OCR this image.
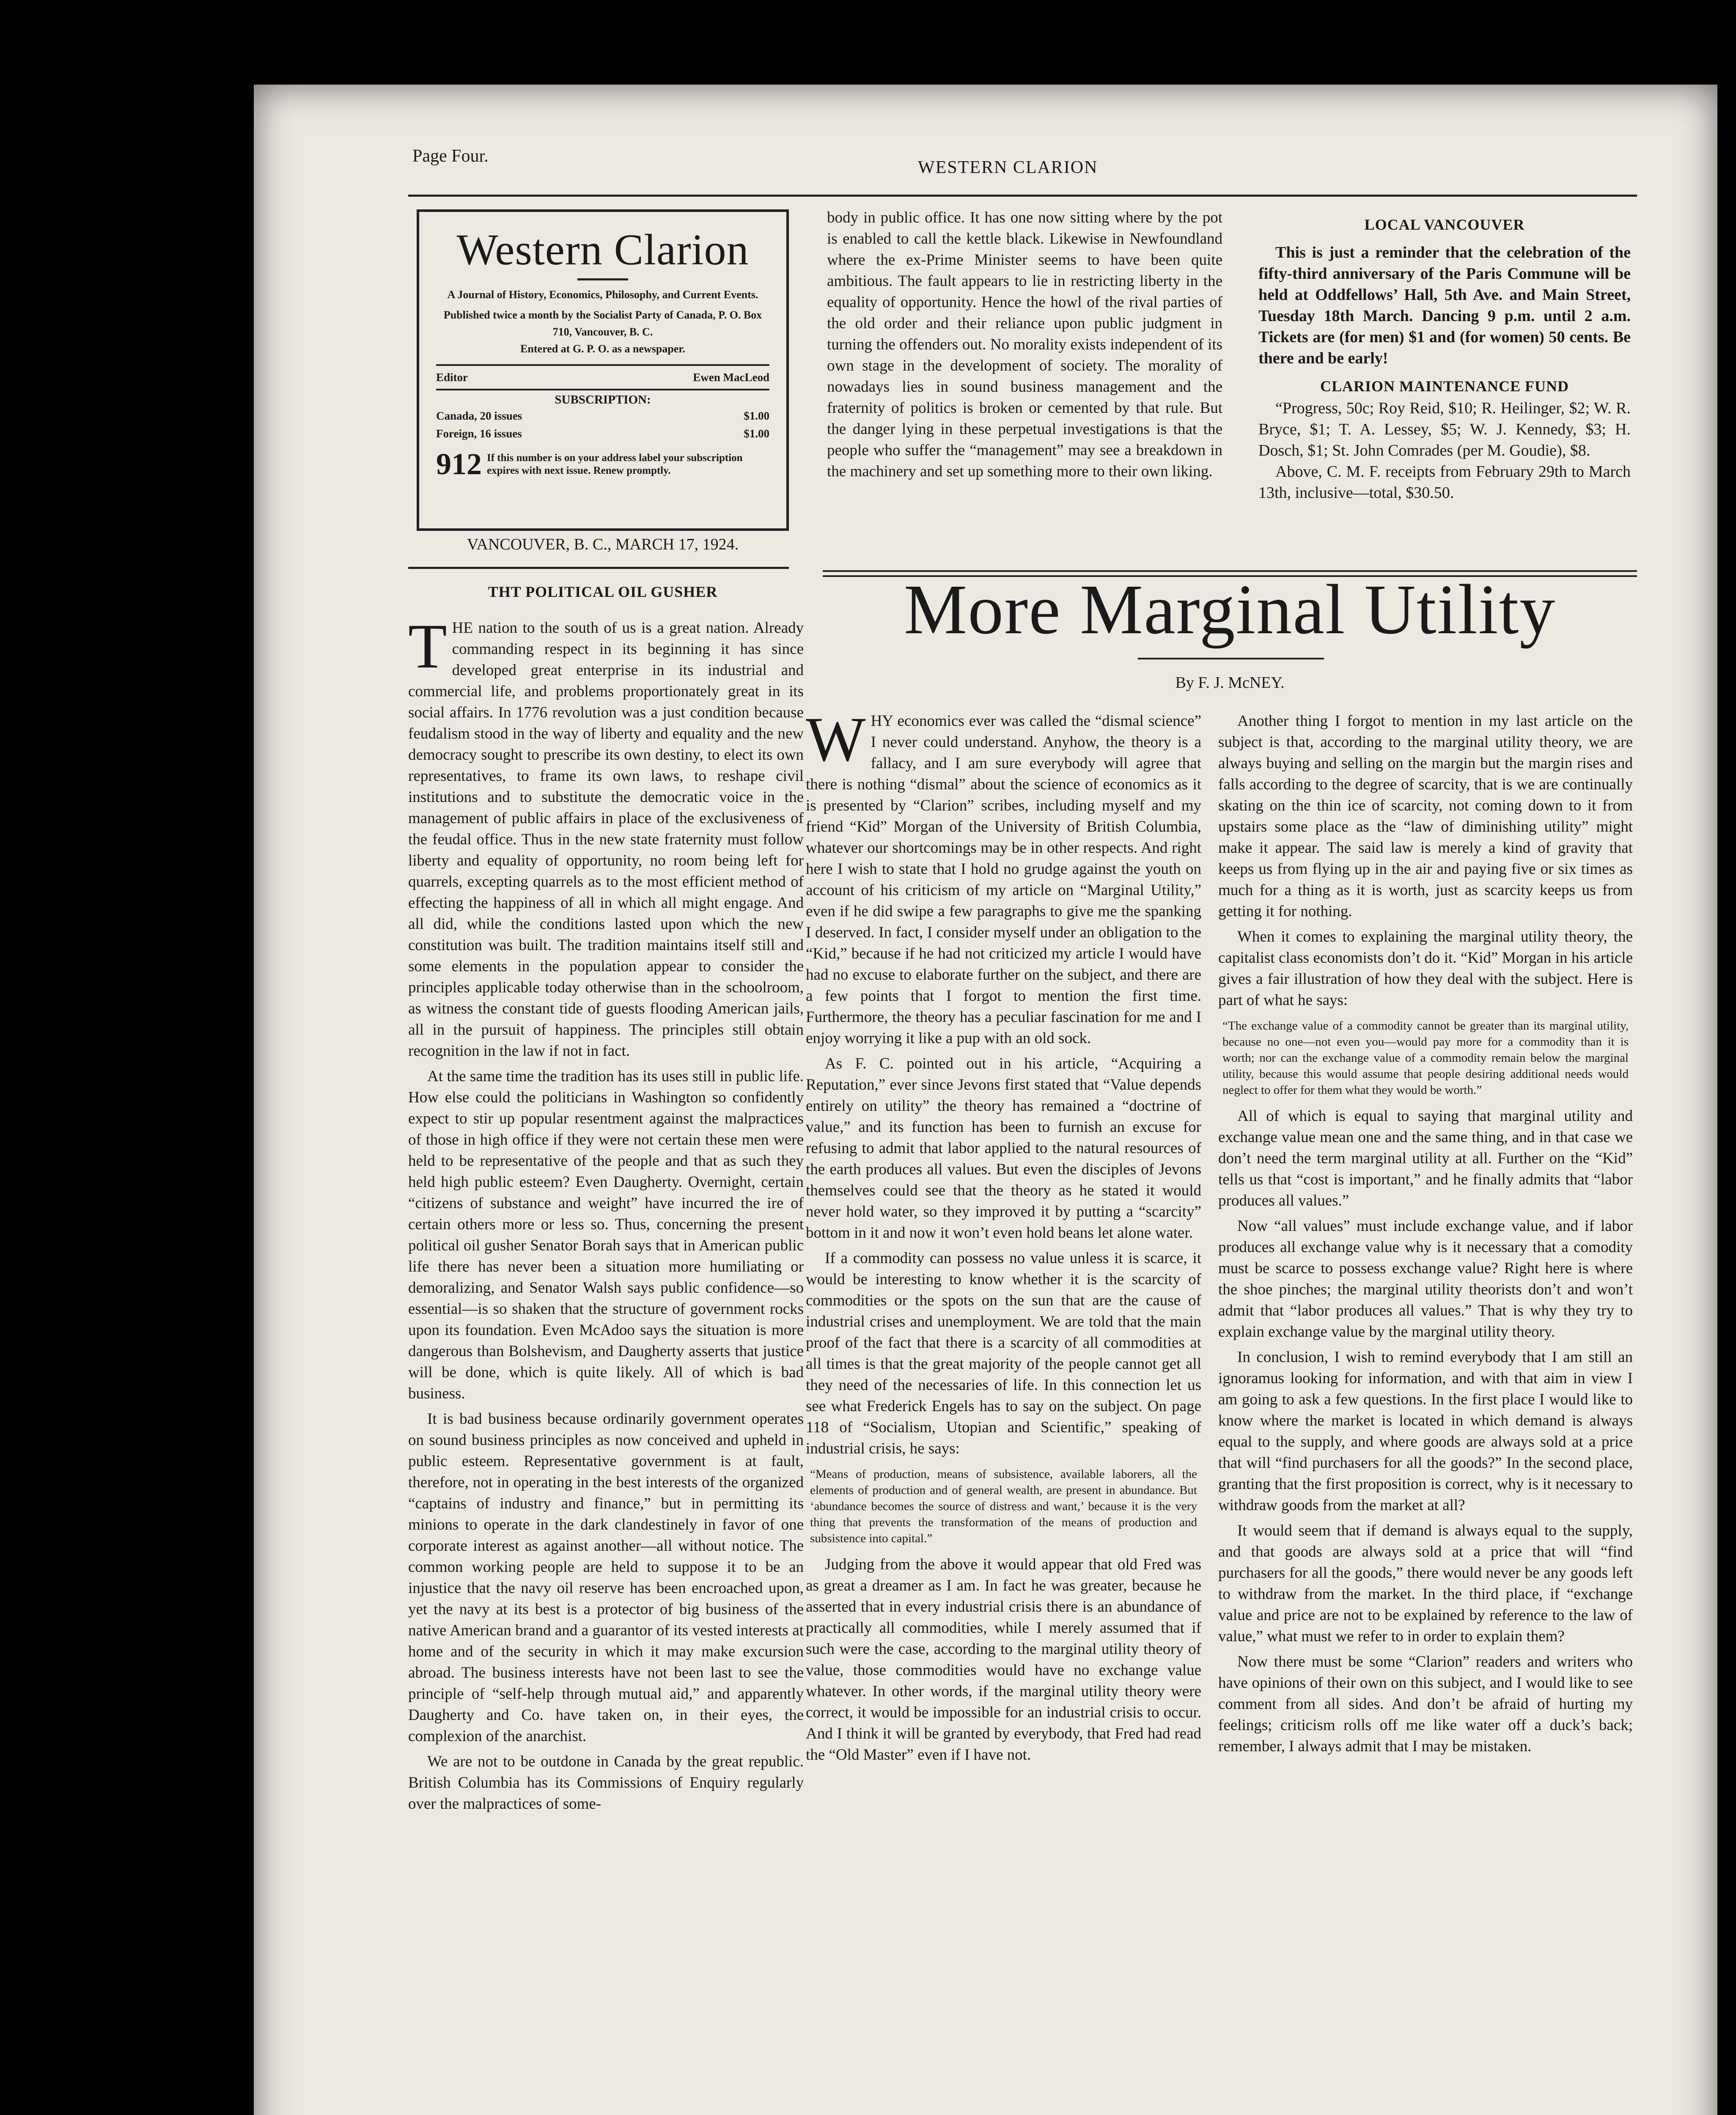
Page Four.
WESTERN CLARION
Western Clarion
A Journal of History, Economics, Philosophy, and Current Events.
Published twice a month by the Socialist Party of Canada, P. O. Box 710, Vancouver, B. C.
Entered at G. P. O. as a newspaper.
Editor	Ewen MacLeod
SUBSCRIPTION:
Canada, 20 issues	$1.00
Foreign, 16 issues	$1.00
912 If this number is on your address label your subscription expires with next issue. Renew promptly.
VANCOUVER, B. C., MARCH 17, 1924.

body in public office. It has one now sitting where by the pot is enabled to call the kettle black. Likewise in Newfoundland where the ex-Prime Minister seems to have been quite ambitious. The fault appears to lie in restricting liberty in the equality of opportunity. Hence the howl of the rival parties of the old order and their reliance upon public judgment in turning the offenders out. No morality exists independent of its own stage in the development of society. The morality of nowadays lies in sound business management and the fraternity of politics is broken or cemented by that rule. But the danger lying in these perpetual investigations is that the people who suffer the “management” may see a breakdown in the machinery and set up something more to their own liking.

LOCAL VANCOUVER
This is just a reminder that the celebration of the fifty-third anniversary of the Paris Commune will be held at Oddfellows’ Hall, 5th Ave. and Main Street, Tuesday 18th March. Dancing 9 p.m. until 2 a.m. Tickets are (for men) $1 and (for women) 50 cents. Be there and be early!
CLARION MAINTENANCE FUND

“Progress, 50c; Roy Reid, $10; R. Heilinger, $2; W. R. Bryce, $1; T. A. Lessey, $5; W. J. Kennedy, $3; H. Dosch, $1; St. John Comrades (per M. Goudie), $8.

Above, C. M. F. receipts from February 29th to March 13th, inclusive—total, $30.50.

THT POLITICAL OIL GUSHER
T HE nation to the south of us is a great nation. Already commanding respect in its beginning it has since developed great enterprise in its industrial and commercial life, and problems proportionately great in its social affairs. In 1776 revolution was a just condition because feudalism stood in the way of liberty and equality and the new democracy sought to prescribe its own destiny, to elect its own representatives, to frame its own laws, to reshape civil institutions and to substitute the democratic voice in the management of public affairs in place of the exclusiveness of the feudal office. Thus in the new state fraternity must follow liberty and equality of opportunity, no room being left for quarrels, excepting quarrels as to the most efficient method of effecting the happiness of all in which all might engage. And all did, while the conditions lasted upon which the new constitution was built. The tradition maintains itself still and some elements in the population appear to consider the principles applicable today otherwise than in the schoolroom, as witness the constant tide of guests flooding American jails, all in the pursuit of happiness. The principles still obtain recognition in the law if not in fact.

At the same time the tradition has its uses still in public life. How else could the politicians in Washington so confidently expect to stir up popular resentment against the malpractices of those in high office if they were not certain these men were held to be representative of the people and that as such they held high public esteem? Even Daugherty. Overnight, certain “citizens of substance and weight” have incurred the ire of certain others more or less so. Thus, concerning the present political oil gusher Senator Borah says that in American public life there has never been a situation more humiliating or demoralizing, and Senator Walsh says public confidence—so essential—is so shaken that the structure of government rocks upon its foundation. Even McAdoo says the situation is more dangerous than Bolshevism, and Daugherty asserts that justice will be done, which is quite likely. All of which is bad business.

It is bad business because ordinarily government operates on sound business principles as now conceived and upheld in public esteem. Representative government is at fault, therefore, not in operating in the best interests of the organized “captains of industry and finance,” but in permitting its minions to operate in the dark clandestinely in favor of one corporate interest as against another—all without notice. The common working people are held to suppose it to be an injustice that the navy oil reserve has been encroached upon, yet the navy at its best is a protector of big business of the native American brand and a guarantor of its vested interests at home and of the security in which it may make excursion abroad. The business interests have not been last to see the principle of “self-help through mutual aid,” and apparently Daugherty and Co. have taken on, in their eyes, the complexion of the anarchist.

We are not to be outdone in Canada by the great republic. British Columbia has its Commissions of Enquiry regularly over the malpractices of some-

More Marginal Utility
By F. J. McNEY.
W HY economics ever was called the “dismal science” I never could understand. Anyhow, the theory is a fallacy, and I am sure everybody will agree that there is nothing “dismal” about the science of economics as it is presented by “Clarion” scribes, including myself and my friend “Kid” Morgan of the University of British Columbia, whatever our shortcomings may be in other respects. And right here I wish to state that I hold no grudge against the youth on account of his criticism of my article on “Marginal Utility,” even if he did swipe a few paragraphs to give me the spanking I deserved. In fact, I consider myself under an obligation to the “Kid,” because if he had not criticized my article I would have had no excuse to elaborate further on the subject, and there are a few points that I forgot to mention the first time. Furthermore, the theory has a peculiar fascination for me and I enjoy worrying it like a pup with an old sock.

As F. C. pointed out in his article, “Acquiring a Reputation,” ever since Jevons first stated that “Value depends entirely on utility” the theory has remained a “doctrine of value,” and its function has been to furnish an excuse for refusing to admit that labor applied to the natural resources of the earth produces all values. But even the disciples of Jevons themselves could see that the theory as he stated it would never hold water, so they improved it by putting a “scarcity” bottom in it and now it won’t even hold beans let alone water.

If a commodity can possess no value unless it is scarce, it would be interesting to know whether it is the scarcity of commodities or the spots on the sun that are the cause of industrial crises and unemployment. We are told that the main proof of the fact that there is a scarcity of all commodities at all times is that the great majority of the people cannot get all they need of the necessaries of life. In this connection let us see what Frederick Engels has to say on the subject. On page 118 of “Socialism, Utopian and Scientific,” speaking of industrial crisis, he says:

“Means of production, means of subsistence, available laborers, all the elements of production and of general wealth, are present in abundance. But ‘abundance becomes the source of distress and want,’ because it is the very thing that prevents the transformation of the means of production and subsistence into capital.”

Judging from the above it would appear that old Fred was as great a dreamer as I am. In fact he was greater, because he asserted that in every industrial crisis there is an abundance of practically all commodities, while I merely assumed that if such were the case, according to the marginal utility theory of value, those commodities would have no exchange value whatever. In other words, if the marginal utility theory were correct, it would be impossible for an industrial crisis to occur. And I think it will be granted by everybody, that Fred had read the “Old Master” even if I have not.

Another thing I forgot to mention in my last article on the subject is that, according to the marginal utility theory, we are always buying and selling on the margin but the margin rises and falls according to the degree of scarcity, that is we are continually skating on the thin ice of scarcity, not coming down to it from upstairs some place as the “law of diminishing utility” might make it appear. The said law is merely a kind of gravity that keeps us from flying up in the air and paying five or six times as much for a thing as it is worth, just as scarcity keeps us from getting it for nothing.

When it comes to explaining the marginal utility theory, the capitalist class economists don’t do it. “Kid” Morgan in his article gives a fair illustration of how they deal with the subject. Here is part of what he says:

“The exchange value of a commodity cannot be greater than its marginal utility, because no one—not even you—would pay more for a commodity than it is worth; nor can the exchange value of a commodity remain below the marginal utility, because this would assume that people desiring additional needs would neglect to offer for them what they would be worth.”

All of which is equal to saying that marginal utility and exchange value mean one and the same thing, and in that case we don’t need the term marginal utility at all. Further on the “Kid” tells us that “cost is important,” and he finally admits that “labor produces all values.”

Now “all values” must include exchange value, and if labor produces all exchange value why is it necessary that a comodity must be scarce to possess exchange value? Right here is where the shoe pinches; the marginal utility theorists don’t and won’t admit that “labor produces all values.” That is why they try to explain exchange value by the marginal utility theory.

In conclusion, I wish to remind everybody that I am still an ignoramus looking for information, and with that aim in view I am going to ask a few questions. In the first place I would like to know where the market is located in which demand is always equal to the supply, and where goods are always sold at a price that will “find purchasers for all the goods?” In the second place, granting that the first proposition is correct, why is it necessary to withdraw goods from the market at all?

It would seem that if demand is always equal to the supply, and that goods are always sold at a price that will “find purchasers for all the goods,” there would never be any goods left to withdraw from the market. In the third place, if “exchange value and price are not to be explained by reference to the law of value,” what must we refer to in order to explain them?

Now there must be some “Clarion” readers and writers who have opinions of their own on this subject, and I would like to see comment from all sides. And don’t be afraid of hurting my feelings; criticism rolls off me like water off a duck’s back; remember, I always admit that I may be mistaken.
